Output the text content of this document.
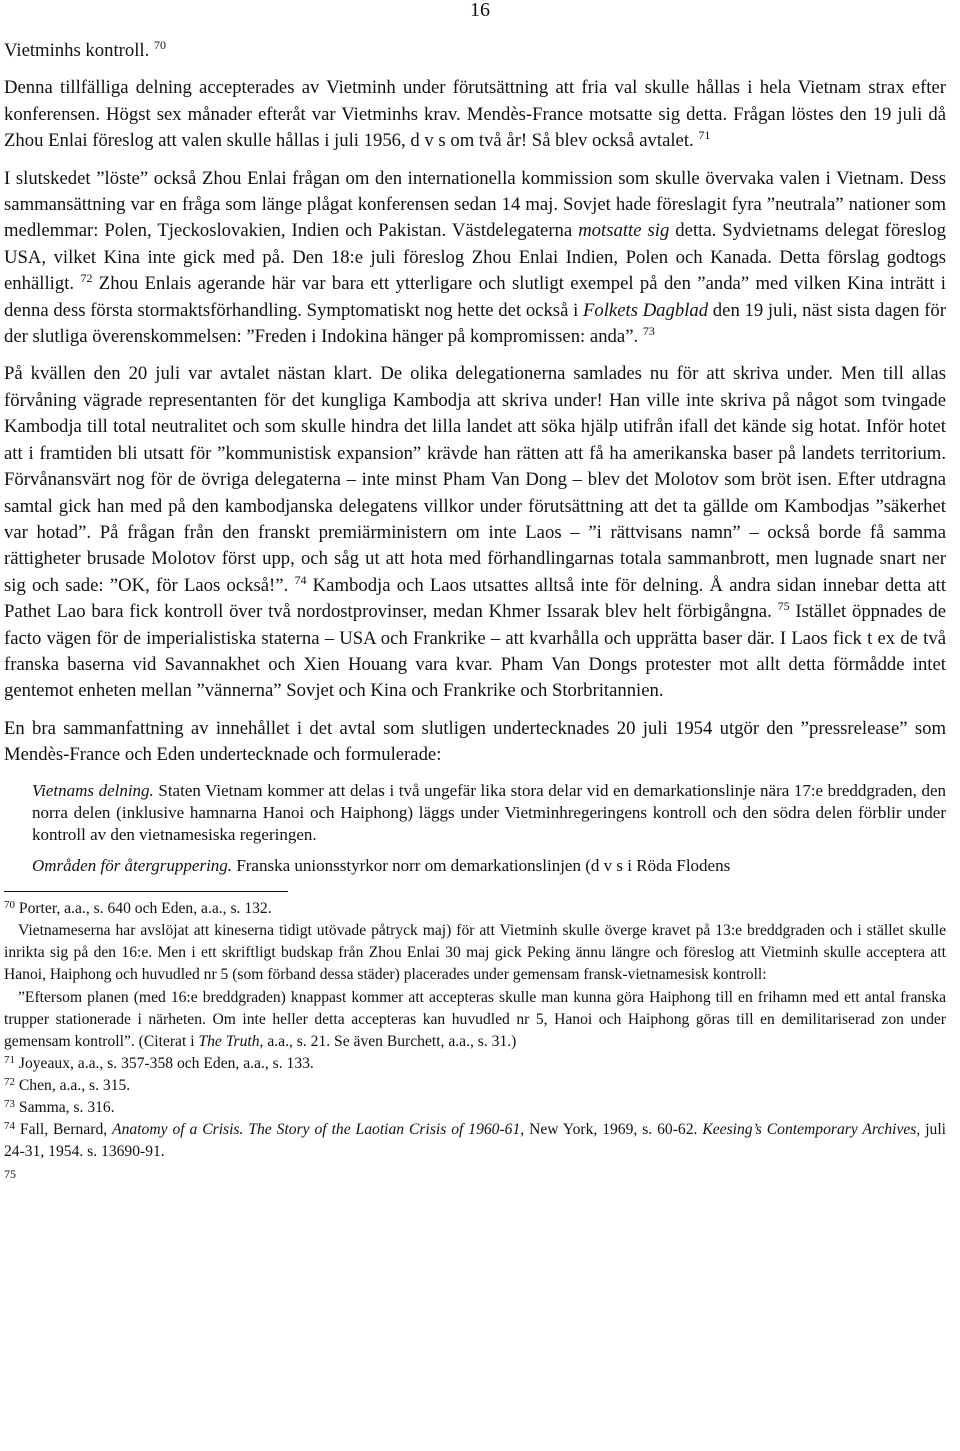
16

Vietminhs kontroll. $^{70}$

Denna tillfälliga delning accepterades av Vietminh under förutsättning att fria val skulle hållas i hela Vietnam strax efter konferensen. Högst sex månader efteråt var Vietminhs krav. Mendès-France motsatte sig detta. Frågan löstes den 19 juli då Zhou Enlai föreslog att valen skulle hållas i juli 1956, d v s om två år! Så blev också avtalet. $^{71}$

I slutskedet ”löste” också Zhou Enlai frågan om den internationella kommission som skulle övervaka valen i Vietnam. Dess sammansättning var en fråga som länge plågat konferensen sedan 14 maj. Sovjet hade föreslagit fyra ”neutrala” nationer som medlemmar: Polen, Tjeckoslovakien, Indien och Pakistan. Västdelegaterna motsatte sig detta. Sydvietnams delegat föreslog USA, vilket Kina inte gick med på. Den 18:e juli föreslog Zhou Enlai Indien, Polen och Kanada. Detta förslag godtogs enhälligt. $^{72}$ Zhou Enlais agerande här var bara ett ytterligare och slutligt exempel på den ”anda” med vilken Kina inträtt i denna dess första stormaktsförhandling. Symptomatiskt nog hette det också i Folkets Dagblad den 19 juli, näst sista dagen för der slutliga överenskommelsen: ”Freden i Indokina hänger på kompromissen: anda”. $^{73}$

På kvällen den 20 juli var avtalet nästan klart. De olika delegationerna samlades nu för att skriva under. Men till allas förvåning vägrade representanten för det kungliga Kambodja att skriva under! Han ville inte skriva på något som tvingade Kambodja till total neutralitet och som skulle hindra det lilla landet att söka hjälp utifrån ifall det kände sig hotat. Inför hotet att i framtiden bli utsatt för ”kommunistisk expansion” krävde han rätten att få ha amerikanska baser på landets territorium. Förvånansvärt nog för de övriga delegaterna – inte minst Pham Van Dong – blev det Molotov som bröt isen. Efter utdragna samtal gick han med på den kambodjanska delegatens villkor under förutsättning att det ta gällde om Kambodjas ”säkerhet var hotad”. På frågan från den franskt premiärministern om inte Laos – ”i rättvisans namn” – också borde få samma rättigheter brusade Molotov först upp, och såg ut att hota med förhandlingarnas totala sammanbrott, men lugnade snart ner sig och sade: ”OK, för Laos också!”. $^{74}$ Kambodja och Laos utsattes alltså inte för delning. Å andra sidan innebar detta att Pathet Lao bara fick kontroll över två nordostprovinser, medan Khmer Issarak blev helt förbigångna. $^{75}$ Istället öppnades de facto vägen för de imperialistiska staterna – USA och Frankrike – att kvarhålla och upprätta baser där. I Laos fick t ex de två franska baserna vid Savannakhet och Xien Houang vara kvar. Pham Van Dongs protester mot allt detta förmådde intet gentemot enheten mellan ”vännerna” Sovjet och Kina och Frankrike och Storbritannien.

En bra sammanfattning av innehållet i det avtal som slutligen undertecknades 20 juli 1954 utgör den ”pressrelease” som Mendès-France och Eden undertecknade och formulerade:

Vietnams delning. Staten Vietnam kommer att delas i två ungefär lika stora delar vid en demarkationslinje nära 17:e breddgraden, den norra delen (inklusive hamnarna Hanoi och Haiphong) läggs under Vietminhregeringens kontroll och den södra delen förblir under kontroll av den vietnamesiska regeringen.

Områden för återgruppering. Franska unionsstyrkor norr om demarkationslinjen (d v s i Röda Flodens

$^{70}$ Porter, a.a., s. 640 och Eden, a.a., s. 132.

Vietnameserna har avslöjat att kineserna tidigt utövade påtryck maj) för att Vietminh skulle överge kravet på 13:e breddgraden och i stället skulle inrikta sig på den 16:e. Men i ett skriftligt budskap från Zhou Enlai 30 maj gick Peking ännu längre och föreslog att Vietminh skulle acceptera att Hanoi, Haiphong och huvudled nr 5 (som förband dessa städer) placerades under gemensam fransk-vietnamesisk kontroll:

”Eftersom planen (med 16:e breddgraden) knappast kommer att accepteras skulle man kunna göra Haiphong till en frihamn med ett antal franska trupper stationerade i närheten. Om inte heller detta accepteras kan huvudled nr 5, Hanoi och Haiphong göras till en demilitariserad zon under gemensam kontroll”. (Citerat i The Truth, a.a., s. 21. Se även Burchett, a.a., s. 31.)

$^{71}$ Joyeaux, a.a., s. 357-358 och Eden, a.a., s. 133.

$^{72}$ Chen, a.a., s. 315.

$^{73}$ Samma, s. 316.

$^{74}$ Fall, Bernard, Anatomy of a Crisis. The Story of the Laotian Crisis of 1960-61, New York, 1969, s. 60-62. Keesing’s Contemporary Archives, juli 24-31, 1954. s. 13690-91.

75
